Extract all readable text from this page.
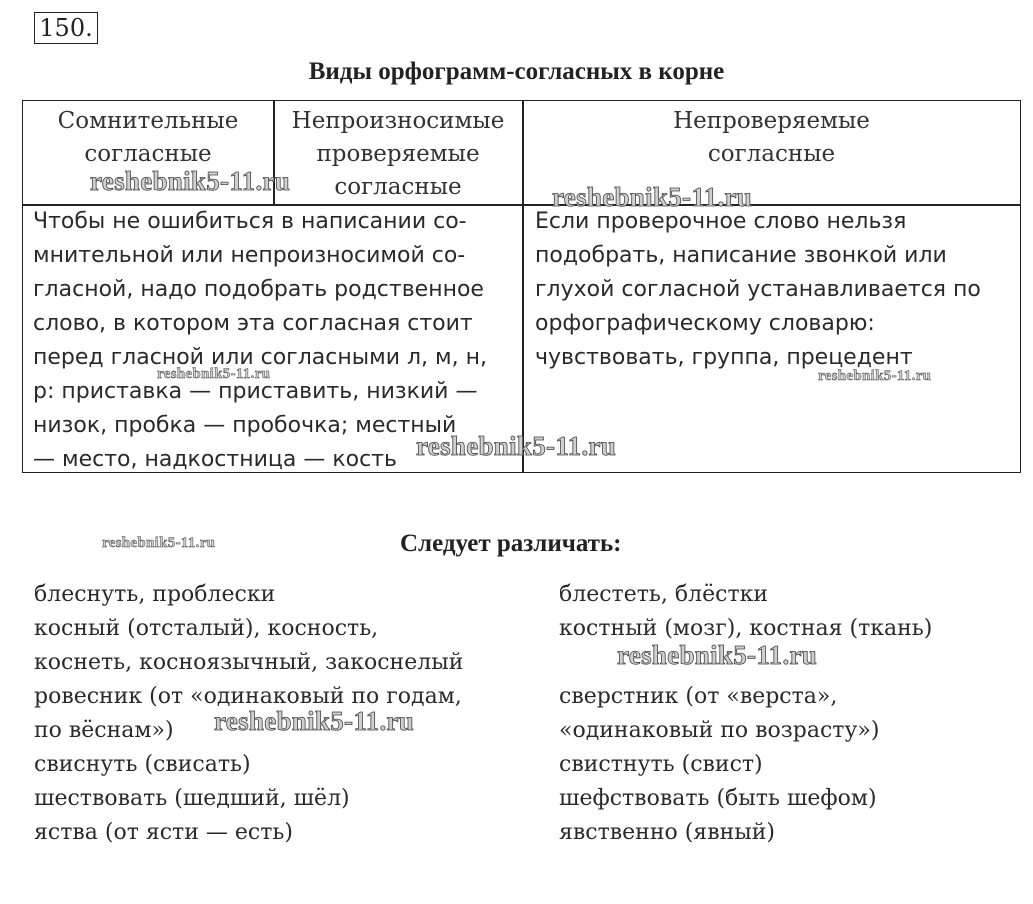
150.
Виды орфограмм-согласных в корне
Сомнительные
согласные
Непроизносимые
проверяемые
согласные
Непроверяемые
согласные
Чтобы не ошибиться в написании со-
мнительной или непроизносимой со-
гласной, надо подобрать родственное
слово, в котором эта согласная стоит
перед гласной или согласными л, м, н,
р: приставка — приставить, низкий —
низок, пробка — пробочка; местный
— место, надкостница — кость
Если проверочное слово нельзя
подобрать, написание звонкой или
глухой согласной устанавливается по
орфографическому словарю:
чувствовать, группа, прецедент
Следует различать:
блеснуть, проблески
косный (отсталый), косность,
коснеть, косноязычный, закоснелый
ровесник (от «одинаковый по годам,
по вёснам»)
свиснуть (свисать)
шествовать (шедший, шёл)
яства (от ясти — есть)
блестеть, блёстки
костный (мозг), костная (ткань)
сверстник (от «верста»,
«одинаковый по возрасту»)
свистнуть (свист)
шефствовать (быть шефом)
явственно (явный)
reshebnik5-11.ru
reshebnik5-11.ru
reshebnik5-11.ru	reshebnik5-11.ru
reshebnik5-11.ru
reshebnik5-11.ru
reshebnik5-11.ru
reshebnik5-11.ru
